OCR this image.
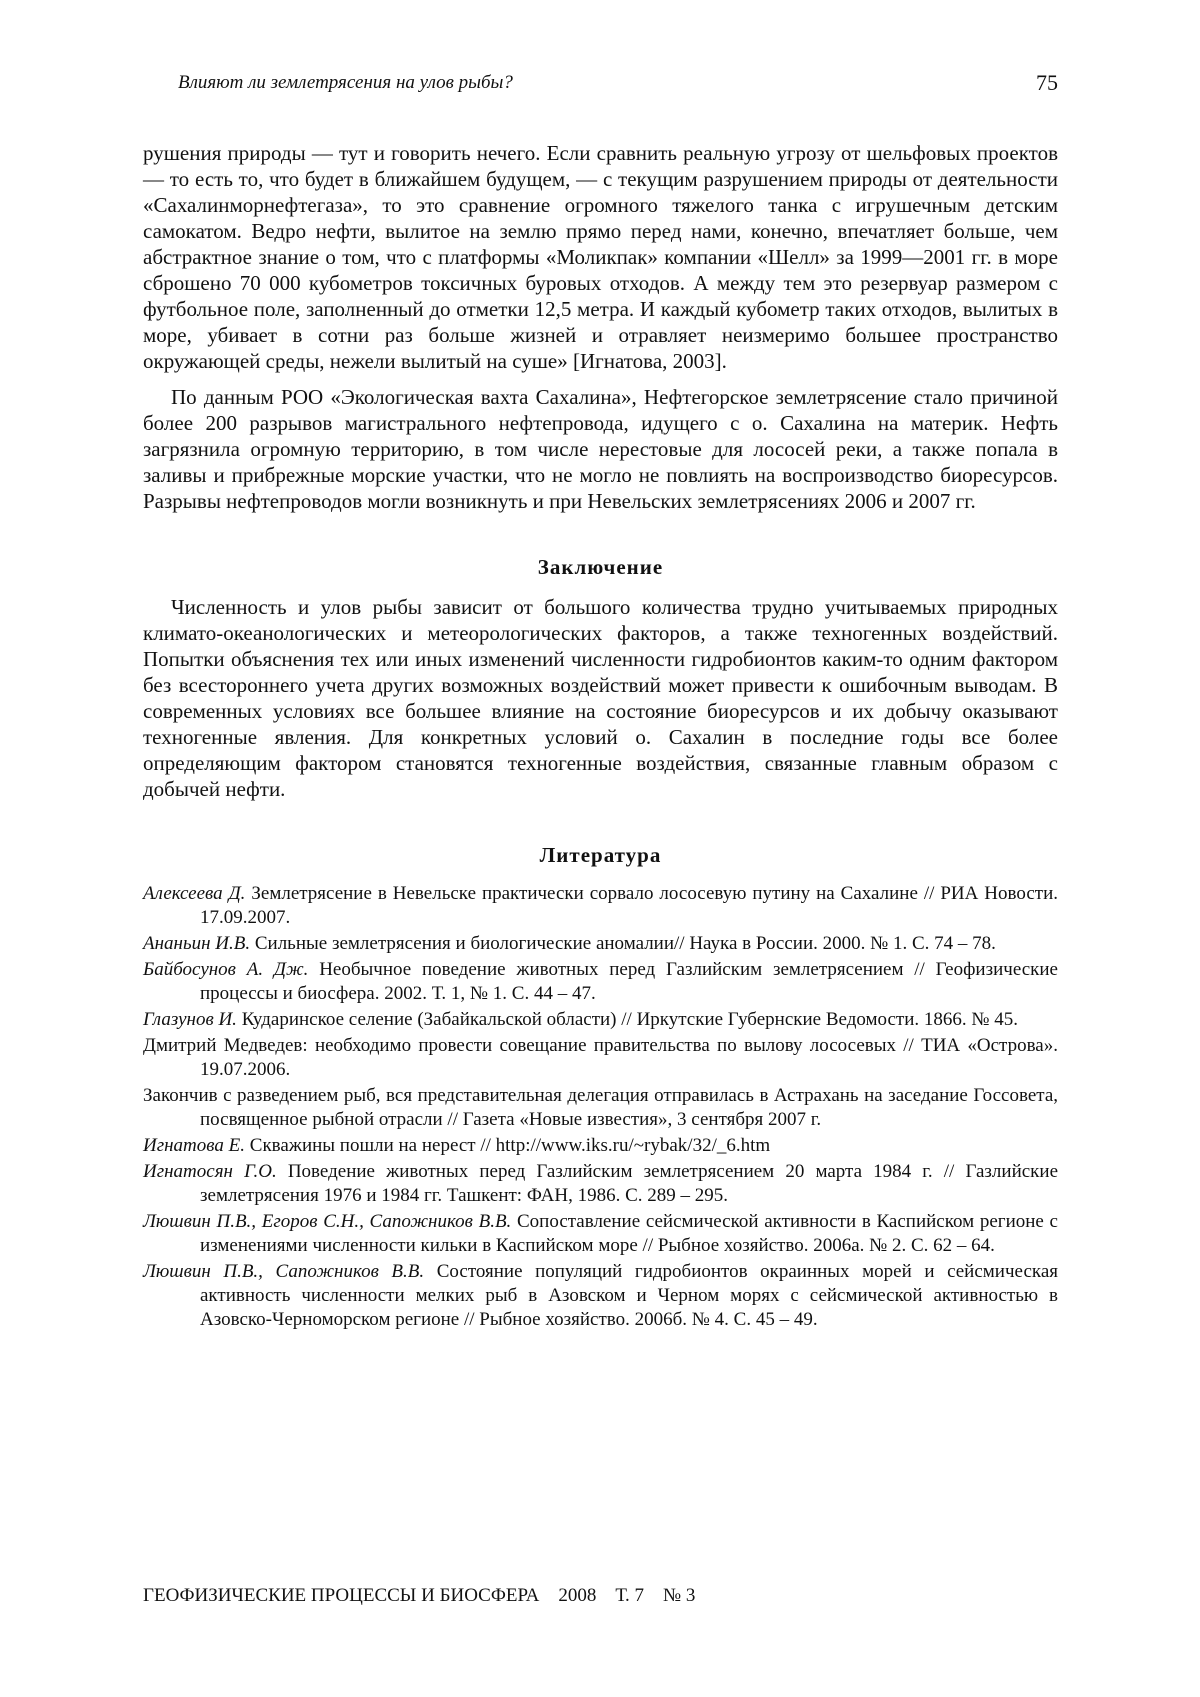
Влияют ли землетрясения на улов рыбы?	75

рушения природы — тут и говорить нечего. Если сравнить реальную угрозу от шельфовых проектов — то есть то, что будет в ближайшем будущем, — с текущим разрушением природы от деятельности «Сахалинморнефтегаза», то это сравнение огромного тяжелого танка с игрушечным детским самокатом. Ведро нефти, вылитое на землю прямо перед нами, конечно, впечатляет больше, чем абстрактное знание о том, что с платформы «Моликпак» компании «Шелл» за 1999—2001 гг. в море сброшено 70 000 кубометров токсичных буровых отходов. А между тем это резервуар размером с футбольное поле, заполненный до отметки 12,5 метра. И каждый кубометр таких отходов, вылитых в море, убивает в сотни раз больше жизней и отравляет неизмеримо большее пространство окружающей среды, нежели вылитый на суше» [Игнатова, 2003].

По данным РОО «Экологическая вахта Сахалина», Нефтегорское землетрясение стало причиной более 200 разрывов магистрального нефтепровода, идущего с о. Сахалина на материк. Нефть загрязнила огромную территорию, в том числе нерестовые для лососей реки, а также попала в заливы и прибрежные морские участки, что не могло не повлиять на воспроизводство биоресурсов. Разрывы нефтепроводов могли возникнуть и при Невельских землетрясениях 2006 и 2007 гг.

Заключение

Численность и улов рыбы зависит от большого количества трудно учитываемых природных климато-океанологических и метеорологических факторов, а также техногенных воздействий. Попытки объяснения тех или иных изменений численности гидробионтов каким-то одним фактором без всестороннего учета других возможных воздействий может привести к ошибочным выводам. В современных условиях все большее влияние на состояние биоресурсов и их добычу оказывают техногенные явления. Для конкретных условий о. Сахалин в последние годы все более определяющим фактором становятся техногенные воздействия, связанные главным образом с добычей нефти.

Литература
Алексеева Д. Землетрясение в Невельске практически сорвало лососевую путину на Сахалине // РИА Новости. 17.09.2007.
Ананьин И.В. Сильные землетрясения и биологические аномалии// Наука в России. 2000. № 1. С. 74 – 78.
Байбосунов А. Дж. Необычное поведение животных перед Газлийским землетрясением // Геофизические процессы и биосфера. 2002. Т. 1, № 1. С. 44 – 47.
Глазунов И. Кударинское селение (Забайкальской области) // Иркутские Губернские Ведомости. 1866. № 45.
Дмитрий Медведев: необходимо провести совещание правительства по вылову лососевых // ТИА «Острова». 19.07.2006.
Закончив с разведением рыб, вся представительная делегация отправилась в Астрахань на заседание Госсовета, посвященное рыбной отрасли // Газета «Новые известия», 3 сентября 2007 г.
Игнатова Е. Скважины пошли на нерест // http://www.iks.ru/~rybak/32/_6.htm
Игнатосян Г.О. Поведение животных перед Газлийским землетрясением 20 марта 1984 г. // Газлийские землетрясения 1976 и 1984 гг. Ташкент: ФАН, 1986. С. 289 – 295.
Люшвин П.В., Егоров С.Н., Сапожников В.В. Сопоставление сейсмической активности в Каспийском регионе с изменениями численности кильки в Каспийском море // Рыбное хозяйство. 2006а. № 2. С. 62 – 64.
Люшвин П.В., Сапожников В.В. Состояние популяций гидробионтов окраинных морей и сейсмическая активность численности мелких рыб в Азовском и Черном морях с сейсмической активностью в Азовско-Черноморском регионе // Рыбное хозяйство. 2006б. № 4. С. 45 – 49.
ГЕОФИЗИЧЕСКИЕ ПРОЦЕССЫ И БИОСФЕРА    2008    Т. 7    № 3
